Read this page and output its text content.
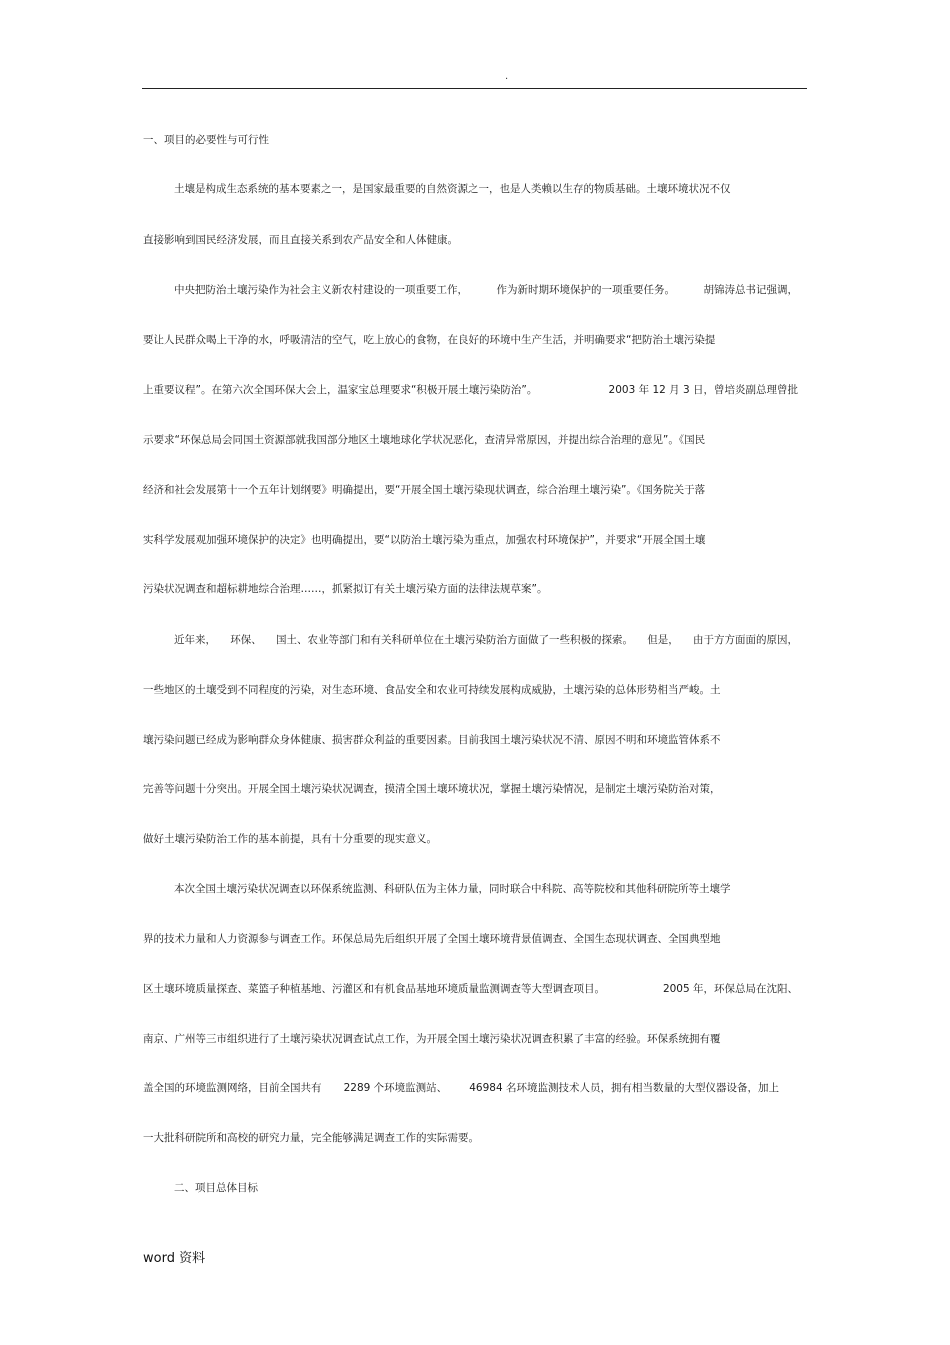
.
一、项目的必要性与可行性
土壤是构成生态系统的基本要素之一，是国家最重要的自然资源之一，也是人类赖以生存的物质基础。土壤环境状况不仅
直接影响到国民经济发展，而且直接关系到农产品安全和人体健康。
中央把防治土壤污染作为社会主义新农村建设的一项重要工作，	作为新时期环境保护的一项重要任务。	胡锦涛总书记强调，
要让人民群众喝上干净的水，呼吸清洁的空气，吃上放心的食物，在良好的环境中生产生活，并明确要求“把防治土壤污染提
上重要议程”。在第六次全国环保大会上，温家宝总理要求“积极开展土壤污染防治”。	2003 年 12 月 3 日，曾培炎副总理曾批
示要求“环保总局会同国土资源部就我国部分地区土壤地球化学状况恶化，查清异常原因，并提出综合治理的意见”。《国民
经济和社会发展第十一个五年计划纲要》明确提出，要“开展全国土壤污染现状调查，综合治理土壤污染”。《国务院关于落
实科学发展观加强环境保护的决定》也明确提出，要“以防治土壤污染为重点，加强农村环境保护”，并要求“开展全国土壤
污染状况调查和超标耕地综合治理……，抓紧拟订有关土壤污染方面的法律法规草案”。
近年来， 环保、 国土、农业等部门和有关科研单位在土壤污染防治方面做了一些积极的探索。 但是， 由于方方面面的原因，
一些地区的土壤受到不同程度的污染，对生态环境、食品安全和农业可持续发展构成威胁，土壤污染的总体形势相当严峻。土
壤污染问题已经成为影响群众身体健康、损害群众利益的重要因素。目前我国土壤污染状况不清、原因不明和环境监管体系不
完善等问题十分突出。开展全国土壤污染状况调查，摸清全国土壤环境状况，掌握土壤污染情况，是制定土壤污染防治对策，
做好土壤污染防治工作的基本前提，具有十分重要的现实意义。
本次全国土壤污染状况调查以环保系统监测、科研队伍为主体力量，同时联合中科院、高等院校和其他科研院所等土壤学
界的技术力量和人力资源参与调查工作。环保总局先后组织开展了全国土壤环境背景值调查、全国生态现状调查、全国典型地
区土壤环境质量探查、菜篮子种植基地、污灌区和有机食品基地环境质量监测调查等大型调查项目。	2005 年，环保总局在沈阳、
南京、广州等三市组织进行了土壤污染状况调查试点工作，为开展全国土壤污染状况调查积累了丰富的经验。环保系统拥有覆
盖全国的环境监测网络，目前全国共有 2289 个环境监测站、 46984 名环境监测技术人员，拥有相当数量的大型仪器设备，加上
一大批科研院所和高校的研究力量，完全能够满足调查工作的实际需要。
二、项目总体目标
word 资料
